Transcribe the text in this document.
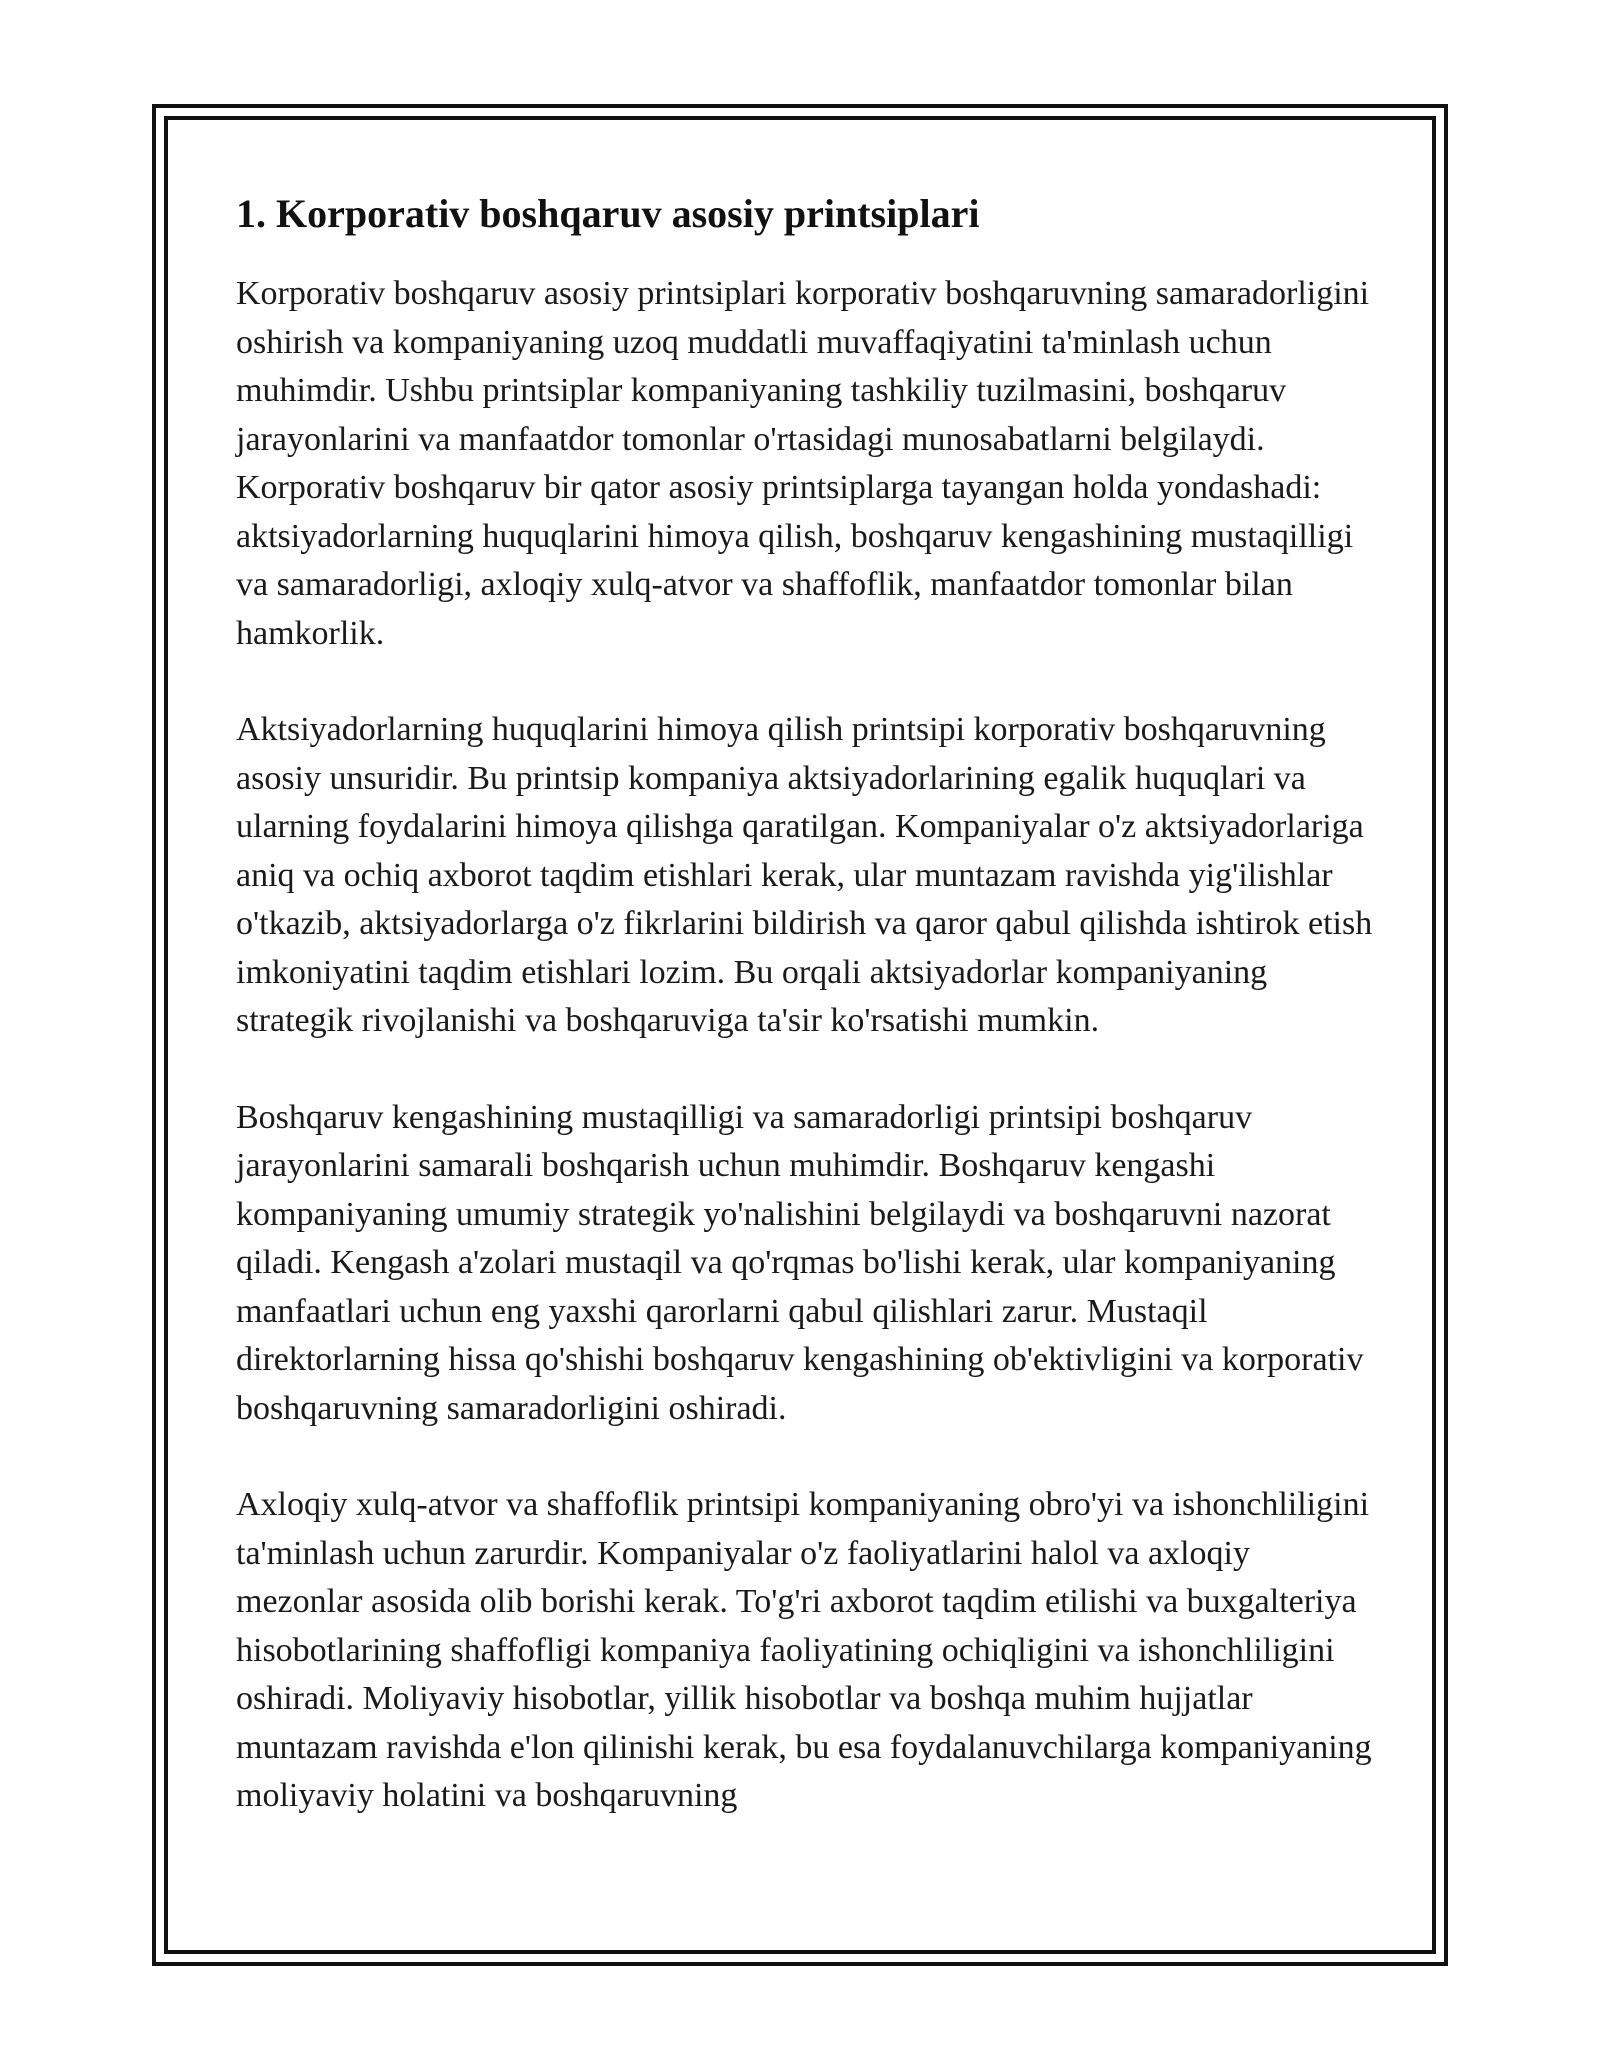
1. Korporativ boshqaruv asosiy printsiplari

Korporativ boshqaruv asosiy printsiplari korporativ boshqaruvning samaradorligini oshirish va kompaniyaning uzoq muddatli muvaffaqiyatini ta'minlash uchun muhimdir. Ushbu printsiplar kompaniyaning tashkiliy tuzilmasini, boshqaruv jarayonlarini va manfaatdor tomonlar o'rtasidagi munosabatlarni belgilaydi. Korporativ boshqaruv bir qator asosiy printsiplarga tayangan holda yondashadi: aktsiyadorlarning huquqlarini himoya qilish, boshqaruv kengashining mustaqilligi va samaradorligi, axloqiy xulq-atvor va shaffoflik, manfaatdor tomonlar bilan hamkorlik.

Aktsiyadorlarning huquqlarini himoya qilish printsipi korporativ boshqaruvning asosiy unsuridir. Bu printsip kompaniya aktsiyadorlarining egalik huquqlari va ularning foydalarini himoya qilishga qaratilgan. Kompaniyalar o'z aktsiyadorlariga aniq va ochiq axborot taqdim etishlari kerak, ular muntazam ravishda yig'ilishlar o'tkazib, aktsiyadorlarga o'z fikrlarini bildirish va qaror qabul qilishda ishtirok etish imkoniyatini taqdim etishlari lozim. Bu orqali aktsiyadorlar kompaniyaning strategik rivojlanishi va boshqaruviga ta'sir ko'rsatishi mumkin.

Boshqaruv kengashining mustaqilligi va samaradorligi printsipi boshqaruv jarayonlarini samarali boshqarish uchun muhimdir. Boshqaruv kengashi kompaniyaning umumiy strategik yo'nalishini belgilaydi va boshqaruvni nazorat qiladi. Kengash a'zolari mustaqil va qo'rqmas bo'lishi kerak, ular kompaniyaning manfaatlari uchun eng yaxshi qarorlarni qabul qilishlari zarur. Mustaqil direktorlarning hissa qo'shishi boshqaruv kengashining ob'ektivligini va korporativ boshqaruvning samaradorligini oshiradi.

Axloqiy xulq-atvor va shaffoflik printsipi kompaniyaning obro'yi va ishonchliligini ta'minlash uchun zarurdir. Kompaniyalar o'z faoliyatlarini halol va axloqiy mezonlar asosida olib borishi kerak. To'g'ri axborot taqdim etilishi va buxgalteriya hisobotlarining shaffofligi kompaniya faoliyatining ochiqligini va ishonchliligini oshiradi. Moliyaviy hisobotlar, yillik hisobotlar va boshqa muhim hujjatlar muntazam ravishda e'lon qilinishi kerak, bu esa foydalanuvchilarga kompaniyaning moliyaviy holatini va boshqaruvning
